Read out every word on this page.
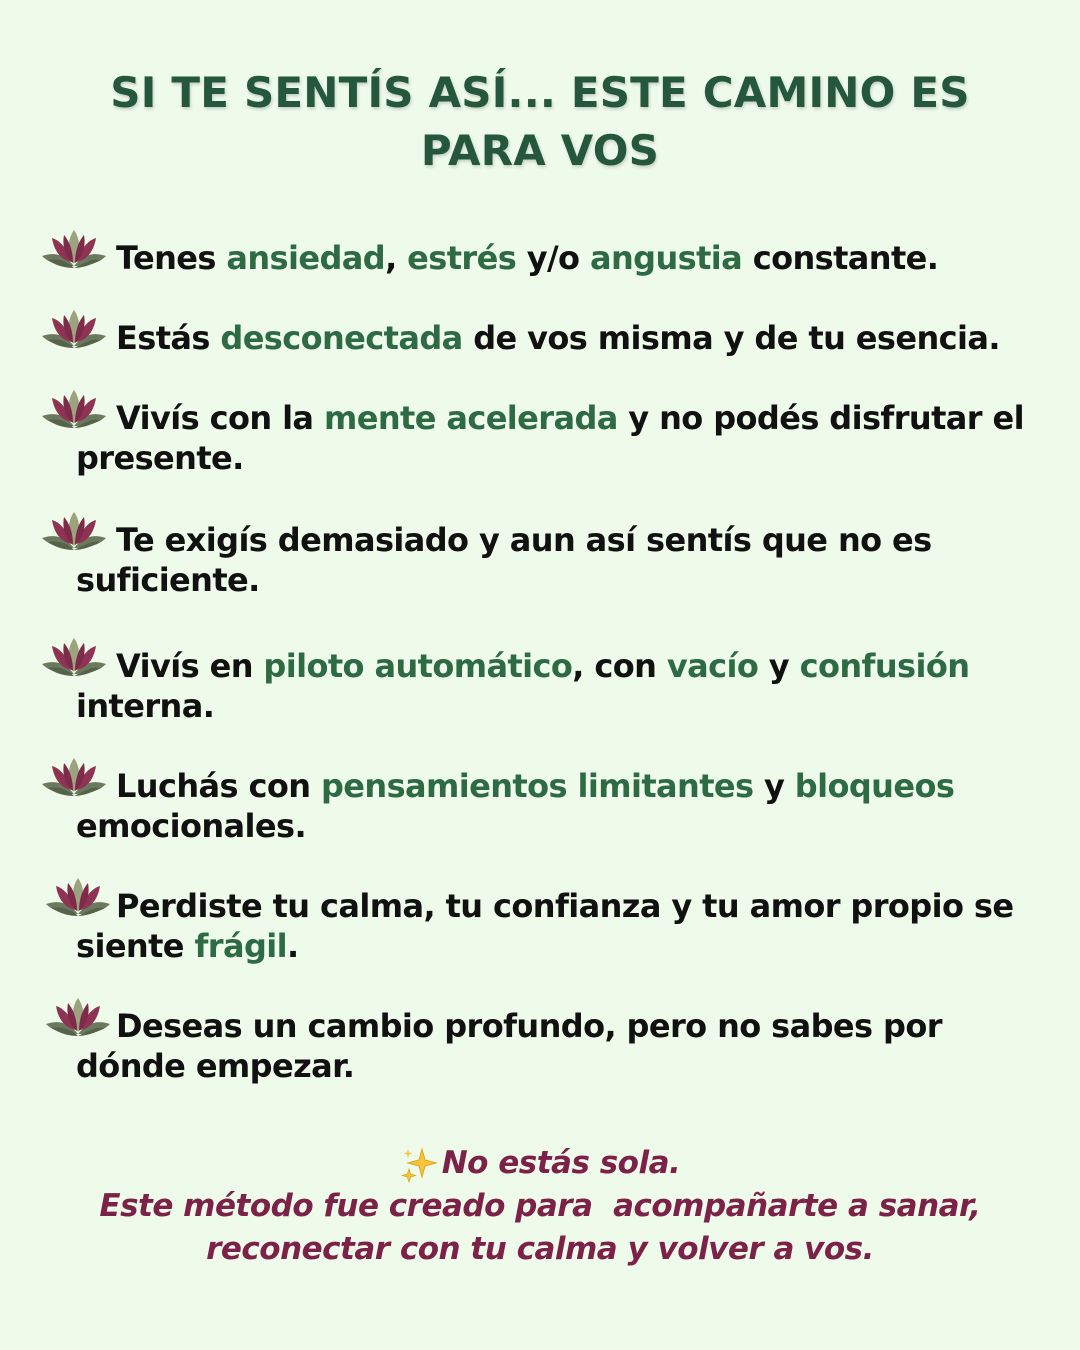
SI TE SENTÍS ASÍ... ESTE CAMINO ES
PARA VOS

Tenes ansiedad, estrés y/o angustia constante.

Estás desconectada de vos misma y de tu esencia.

Vivís con la mente acelerada y no podés disfrutar el presente.

Te exigís demasiado y aun así sentís que no es suficiente.

Vivís en piloto automático, con vacío y confusión interna.

Luchás con pensamientos limitantes y bloqueos emocionales.

Perdiste tu calma, tu confianza y tu amor propio se siente frágil.

Deseas un cambio profundo, pero no sabes por dónde empezar.

No estás sola.
Este método fue creado para  acompañarte a sanar,
reconectar con tu calma y volver a vos.
